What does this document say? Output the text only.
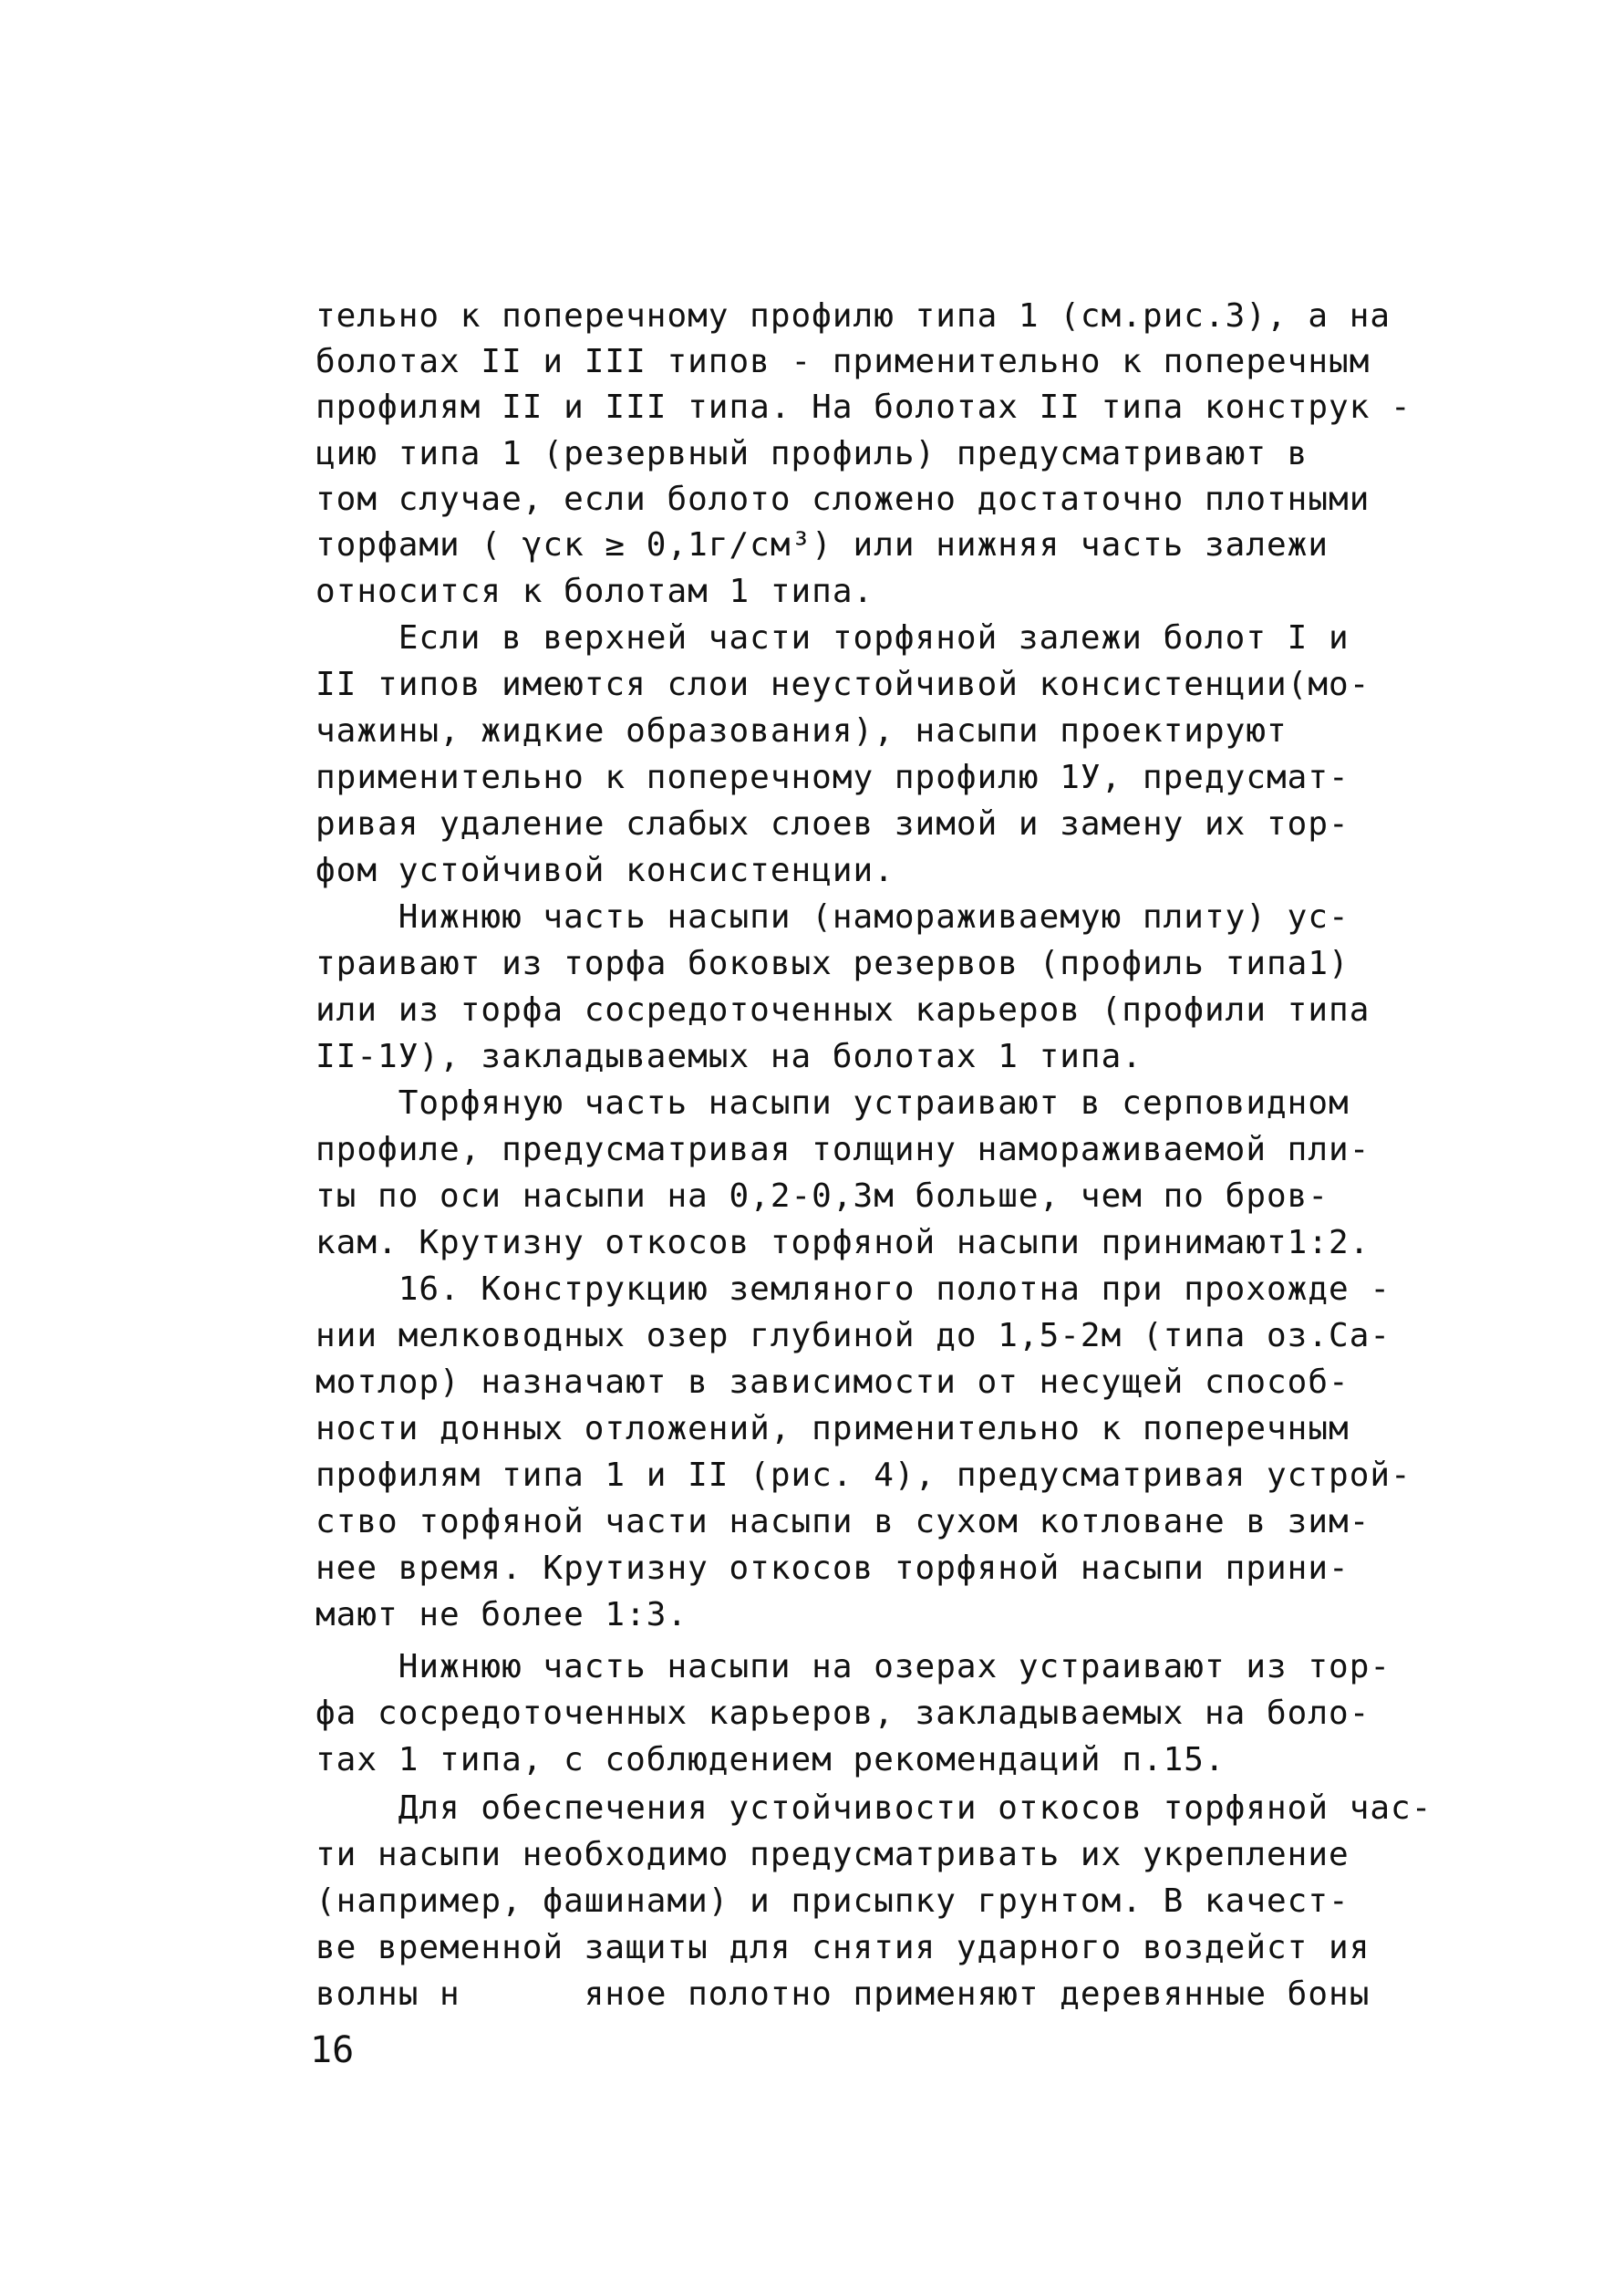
тельно к поперечному профилю типа 1 (см.рис.3), а на
болотах II и III типов - применительно к поперечным
профилям II и III типа. На болотах II типа конструк -
цию типа 1 (резервный профиль) предусматривают в
том случае, если болото сложено достаточно плотными
торфами ( γск ≥ 0,1г/см³) или нижняя часть залежи
относится к болотам 1 типа.
Если в верхней части торфяной залежи болот I и
II типов имеются слои неустойчивой консистенции(мо-
чажины, жидкие образования), насыпи проектируют
применительно к поперечному профилю 1У, предусмат-
ривая удаление слабых слоев зимой и замену их тор-
фом устойчивой консистенции.
Нижнюю часть насыпи (намораживаемую плиту) ус-
траивают из торфа боковых резервов (профиль типа1)
или из торфа сосредоточенных карьеров (профили типа
II-1У), закладываемых на болотах 1 типа.
Торфяную часть насыпи устраивают в серповидном
профиле, предусматривая толщину намораживаемой пли-
ты по оси насыпи на 0,2-0,3м больше, чем по бров-
кам. Крутизну откосов торфяной насыпи принимают1:2.
16. Конструкцию земляного полотна при прохожде -
нии мелководных озер глубиной до 1,5-2м (типа оз.Са-
мотлор) назначают в зависимости от несущей способ-
ности донных отложений, применительно к поперечным
профилям типа 1 и II (рис. 4), предусматривая устрой-
ство торфяной части насыпи в сухом котловане в зим-
нее время. Крутизну откосов торфяной насыпи прини-
мают не более 1:3.
Нижнюю часть насыпи на озерах устраивают из тор-
фа сосредоточенных карьеров, закладываемых на боло-
тах 1 типа, с соблюдением рекомендаций п.15.
Для обеспечения устойчивости откосов торфяной час-
ти насыпи необходимо предусматривать их укрепление
(например, фашинами) и присыпку грунтом. В качест-
ве временной защиты для снятия ударного воздейст ия
волны н      яное полотно применяют деревянные боны
16
